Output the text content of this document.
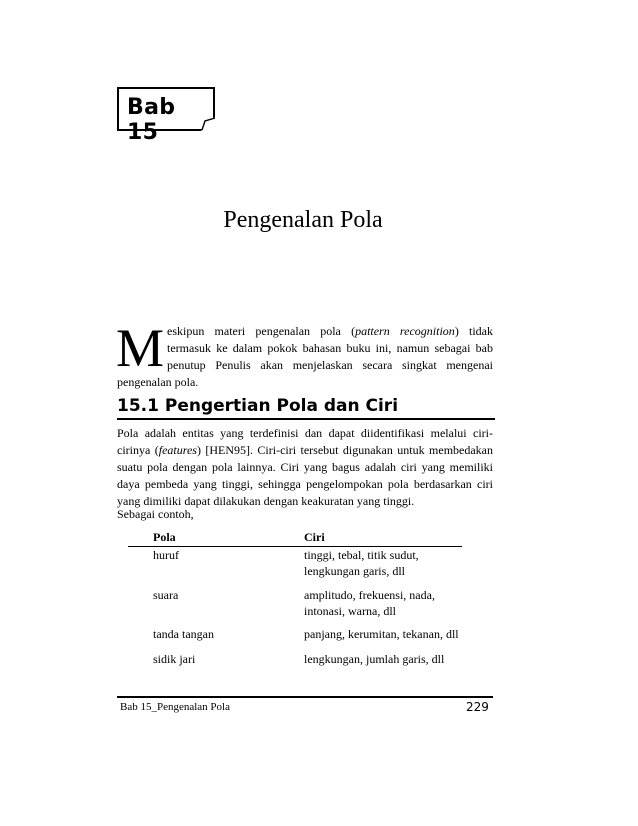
Bab 15
Pengenalan Pola
Meskipun materi pengenalan pola (pattern recognition) tidak termasuk ke dalam pokok bahasan buku ini, namun sebagai bab penutup Penulis akan menjelaskan secara singkat mengenai pengenalan pola.
15.1 Pengertian Pola dan Ciri
Pola adalah entitas yang terdefinisi dan dapat diidentifikasi melalui ciri-cirinya (features) [HEN95]. Ciri-ciri tersebut digunakan untuk membedakan suatu pola dengan pola lainnya. Ciri yang bagus adalah ciri yang memiliki daya pembeda yang tinggi, sehingga pengelompokan pola berdasarkan ciri yang dimiliki dapat dilakukan dengan keakuratan yang tinggi.
Sebagai contoh,
Pola	Ciri
huruf	tinggi, tebal, titik sudut,
lengkungan garis, dll
suara	amplitudo, frekuensi, nada,
intonasi, warna, dll
tanda tangan	panjang, kerumitan, tekanan, dll
sidik jari	lengkungan, jumlah garis, dll
Bab 15_Pengenalan Pola	229
